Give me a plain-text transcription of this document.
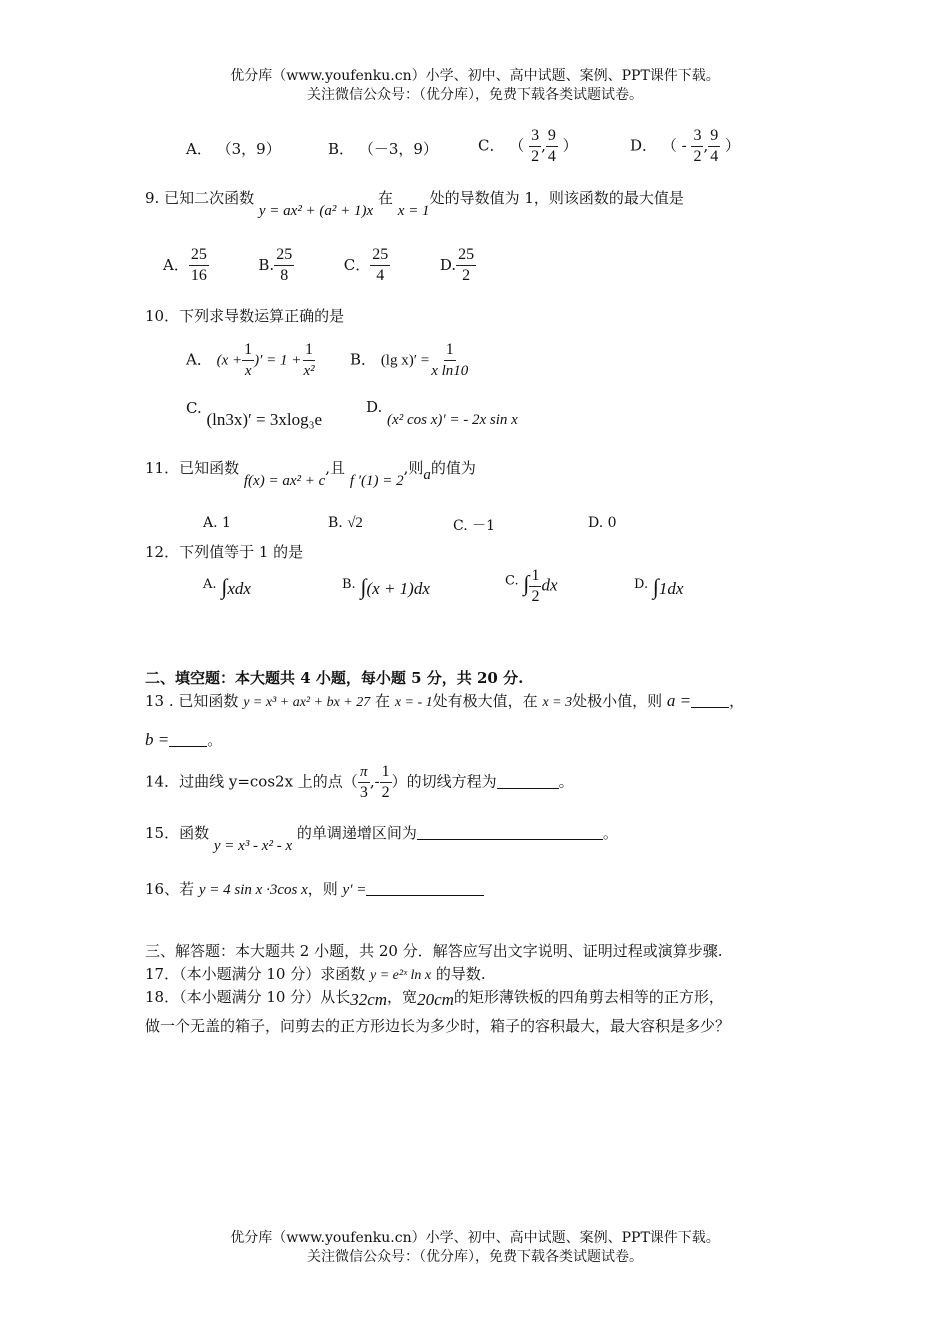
优分库（www.youfenku.cn）小学、初中、高中试题、案例、PPT课件下载。
关注微信公众号：（优分库），免费下载各类试题试卷。
A． （3，9）	B． （－3，9）	C． （ $\frac{3}{2}$ , $\frac{9}{4}$ ）	D． （ - $\frac{3}{2}$ , $\frac{9}{4}$ ）
9. 已知二次函数 y = ax² + (a² + 1)x 在 x = 1处的导数值为 1，则该函数的最大值是
A． $\frac{25}{16}$	B. $\frac{25}{8}$	C． $\frac{25}{4}$	D. $\frac{25}{2}$
10．下列求导数运算正确的是
A． ($x + \frac{1}{x}$ )′ = $1 + \frac{1}{\text{x²}}$ B． (lg $x)' = \frac{1}{\text{x ln10}}$
C. (ln3x)′ = 3xlog₃e
D. (x² cos x)′ = - 2x sin x
11．已知函数 f(x) = ax² + c,且 f ′(1) = 2,则a的值为
A. 1	B. √2	C. －1	D. 0
12．下列值等于 1 的是
A. ∫xdx	B. ∫(x + 1)dx	C. ∫ $\frac{1}{2}$ dx	D. ∫1dx
二、填空题：本大题共 4 小题，每小题 5 分，共 20 分.
13 . 已知函数 y = x³ + ax² + bx + 27 在 x = - 1处有极大值，在 x = 3处极小值，则 a =	，
b =	。
14．过曲线 y=cos2x 上的点（ $\frac{\pi}{3}$ ,- $\frac{1}{2}$ ）的切线方程为	。
15．函数 y = x³ - x² - x 的单调递增区间为	。
16、若 y = 4 sin x ·3cos x，则 y′ =
三、解答题：本大题共 2 小题，共 20 分．解答应写出文字说明、证明过程或演算步骤.
17．（本小题满分 10 分）求函数 y = e²ˣ ln x 的导数.
18．（本小题满分 10 分）从长32cm，宽20cm的矩形薄铁板的四角剪去相等的正方形，
做一个无盖的箱子，问剪去的正方形边长为多少时，箱子的容积最大，最大容积是多少？
优分库（www.youfenku.cn）小学、初中、高中试题、案例、PPT课件下载。
关注微信公众号：（优分库），免费下载各类试题试卷。
